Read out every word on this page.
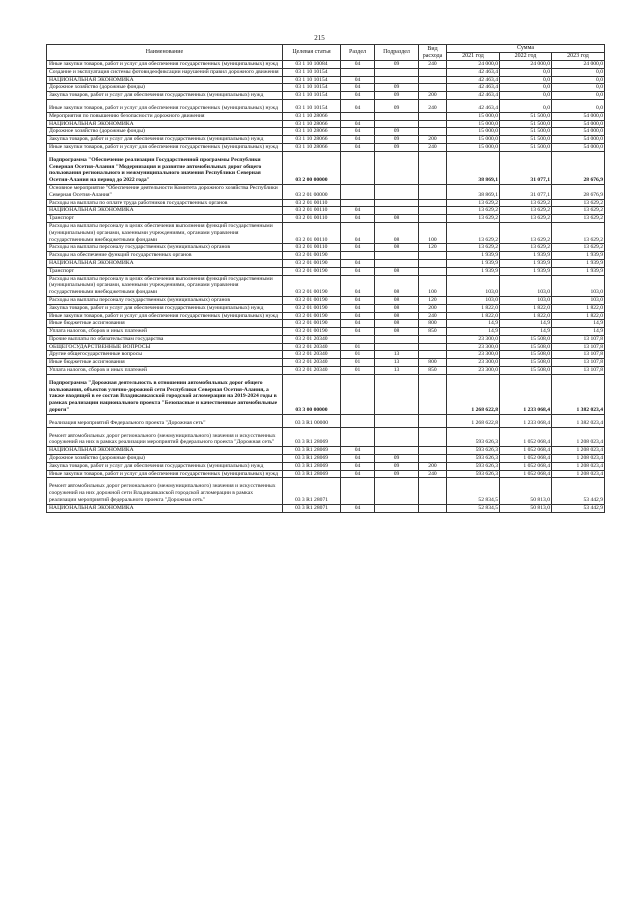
215
Наименование	Целевая статья	Раздел	Подраздел	Вид расхода	Сумма		
					2021 год	2022 год	2023 год
Иные закупки товаров, работ и услуг для обеспечения государственных (муниципальных) нужд	03 1 10 10084	04	09	240	24 000,0	24 000,0	24 000,0
Создание и эксплуатация системы фотовидеофиксации нарушений правил дорожного движения	03 1 10 10154				42 463,4	0,0	0,0
НАЦИОНАЛЬНАЯ ЭКОНОМИКА	03 1 10 10154	04			42 463,4	0,0	0,0
Дорожное хозяйство (дорожные фонды)	03 1 10 10154	04	09		42 463,4	0,0	0,0
Закупка товаров, работ и услуг для обеспечения государственных (муниципальных) нужд	03 1 10 10154	04	09	200	42 463,4	0,0	0,0
Иные закупки товаров, работ и услуг для обеспечения государственных (муниципальных) нужд	03 1 10 10154	04	09	240	42 463,4	0,0	0,0
Мероприятия по повышению безопасности дорожного движения	03 1 10 28066				15 000,0	51 500,0	54 000,0
НАЦИОНАЛЬНАЯ ЭКОНОМИКА	03 1 10 28066	04			15 000,0	51 500,0	54 000,0
Дорожное хозяйство (дорожные фонды)	03 1 10 28066	04	09		15 000,0	51 500,0	54 000,0
Закупка товаров, работ и услуг для обеспечения государственных (муниципальных) нужд	03 1 10 28066	04	09	200	15 000,0	51 500,0	54 000,0
Иные закупки товаров, работ и услуг для обеспечения государственных (муниципальных) нужд	03 1 10 28066	04	09	240	15 000,0	51 500,0	54 000,0
Подпрограмма "Обеспечение реализации Государственной программы Республики Северная Осетия-Алания "Модернизация и развитие автомобильных дорог общего пользования регионального и межмуниципального значения Республики Северная Осетия-Алания на период до 2022 года"	03 2 00 00000				38 869,1	31 077,1	28 676,9
Основное мероприятие "Обеспечение деятельности Комитета дорожного хозяйства Республики Северная Осетия-Алания"	03 2 01 00000				38 869,1	31 077,1	28 676,9
Расходы на выплаты по оплате труда работников государственных органов	03 2 01 00110				13 629,2	13 629,2	13 629,2
НАЦИОНАЛЬНАЯ ЭКОНОМИКА	03 2 01 00110	04			13 629,2	13 629,2	13 629,2
Транспорт	03 2 01 00110	04	08		13 629,2	13 629,2	13 629,2
Расходы на выплаты персоналу в целях обеспечения выполнения функций государственными (муниципальными) органами, казенными учреждениями, органами управления государственными внебюджетными фондами	03 2 01 00110	04	08	100	13 629,2	13 629,2	13 629,2
Расходы на выплаты персоналу государственных (муниципальных) органов	03 2 01 00110	04	08	120	13 629,2	13 629,2	13 629,2
Расходы на обеспечение функций государственных органов	03 2 01 00190				1 939,9	1 939,9	1 939,9
НАЦИОНАЛЬНАЯ ЭКОНОМИКА	03 2 01 00190	04			1 939,9	1 939,9	1 939,9
Транспорт	03 2 01 00190	04	08		1 939,9	1 939,9	1 939,9
Расходы на выплаты персоналу в целях обеспечения выполнения функций государственными (муниципальными) органами, казенными учреждениями, органами управления государственными внебюджетными фондами	03 2 01 00190	04	08	100	103,0	103,0	103,0
Расходы на выплаты персоналу государственных (муниципальных) органов	03 2 01 00190	04	08	120	103,0	103,0	103,0
Закупка товаров, работ и услуг для обеспечения государственных (муниципальных) нужд	03 2 01 00190	04	08	200	1 822,0	1 822,0	1 822,0
Иные закупки товаров, работ и услуг для обеспечения государственных (муниципальных) нужд	03 2 01 00190	04	08	240	1 822,0	1 822,0	1 822,0
Иные бюджетные ассигнования	03 2 01 00190	04	08	800	14,9	14,9	14,9
Уплата налогов, сборов и иных платежей	03 2 01 00190	04	08	850	14,9	14,9	14,9
Прочие выплаты по обязательствам государства	03 2 01 20340				23 300,0	15 508,0	13 107,8
ОБЩЕГОСУДАРСТВЕННЫЕ ВОПРОСЫ	03 2 01 20340	01			23 300,0	15 508,0	13 107,8
Другие общегосударственные вопросы	03 2 01 20340	01	13		23 300,0	15 508,0	13 107,8
Иные бюджетные ассигнования	03 2 01 20340	01	13	800	23 300,0	15 508,0	13 107,8
Уплата налогов, сборов и иных платежей	03 2 01 20340	01	13	850	23 300,0	15 508,0	13 107,8
Подпрограмма "Дорожная деятельность в отношении автомобильных дорог общего пользования, объектов улично-дорожной сети Республики Северная Осетия-Алания, а также входящей в ее состав Владикавказской городской агломерации на 2019-2024 годы в рамках реализации национального проекта "Безопасные и качественные автомобильные дороги"	03 3 00 00000				1 268 622,8	1 233 068,4	1 382 023,4
Реализация мероприятий Федерального проекта "Дорожная сеть"	03 3 R1 00000				1 268 622,8	1 233 068,4	1 382 023,4
Ремонт автомобильных дорог регионального (межмуниципального) значения и искусственных сооружений на них в рамках реализации мероприятий федерального проекта "Дорожная сеть"	03 3 R1 28069				593 626,3	1 052 068,4	1 208 023,4
НАЦИОНАЛЬНАЯ ЭКОНОМИКА	03 3 R1 28069	04			593 626,3	1 052 068,4	1 208 023,4
Дорожное хозяйство (дорожные фонды)	03 3 R1 28069	04	09		593 626,3	1 052 068,4	1 208 023,4
Закупка товаров, работ и услуг для обеспечения государственных (муниципальных) нужд	03 3 R1 28069	04	09	200	593 626,3	1 052 068,4	1 208 023,4
Иные закупки товаров, работ и услуг для обеспечения государственных (муниципальных) нужд	03 3 R1 28069	04	09	240	593 626,3	1 052 068,4	1 208 023,4
Ремонт автомобильных дорог регионального (межмуниципального) значения и искусственных сооружений на них дорожной сети Владикавказской городской агломерации в рамках реализации мероприятий федерального проекта "Дорожная сеть"	03 3 R1 28071				52 834,5	50 813,0	53 442,9
НАЦИОНАЛЬНАЯ ЭКОНОМИКА	03 3 R1 28071	04			52 834,5	50 813,0	53 442,9
